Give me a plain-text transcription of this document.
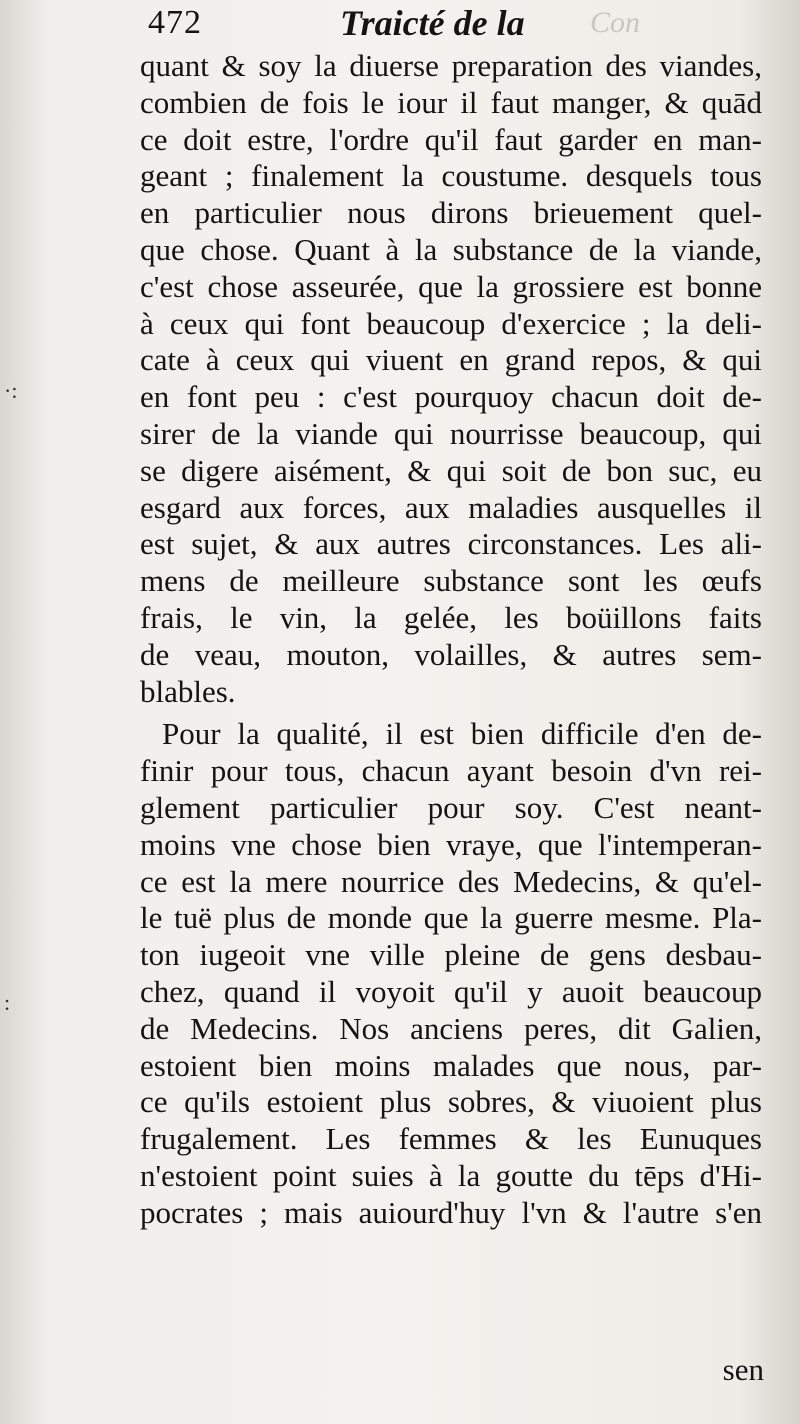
472	Traicté de la Con
·:
:
quant & soy la diuerse preparation des viandes,
combien de fois le iour il faut manger, & quād
ce doit estre, l'ordre qu'il faut garder en man-
geant ; finalement la coustume. desquels tous
en particulier nous dirons brieuement quel-
que chose. Quant à la substance de la viande,
c'est chose asseurée, que la grossiere est bonne
à ceux qui font beaucoup d'exercice ; la deli-
cate à ceux qui viuent en grand repos, & qui
en font peu : c'est pourquoy chacun doit de-
sirer de la viande qui nourrisse beaucoup, qui
se digere aisément, & qui soit de bon suc, eu
esgard aux forces, aux maladies ausquelles il
est sujet, & aux autres circonstances. Les ali-
mens de meilleure substance sont les œufs
frais, le vin, la gelée, les boüillons faits
de veau, mouton, volailles, & autres sem-
blables.
Pour la qualité, il est bien difficile d'en de-
finir pour tous, chacun ayant besoin d'vn rei-
glement particulier pour soy. C'est neant-
moins vne chose bien vraye, que l'intemperan-
ce est la mere nourrice des Medecins, & qu'el-
le tuë plus de monde que la guerre mesme. Pla-
ton iugeoit vne ville pleine de gens desbau-
chez, quand il voyoit qu'il y auoit beaucoup
de Medecins. Nos anciens peres, dit Galien,
estoient bien moins malades que nous, par-
ce qu'ils estoient plus sobres, & viuoient plus
frugalement. Les femmes & les Eunuques
n'estoient point suies à la goutte du tēps d'Hi-
pocrates ; mais auiourd'huy l'vn & l'autre s'en
sen
